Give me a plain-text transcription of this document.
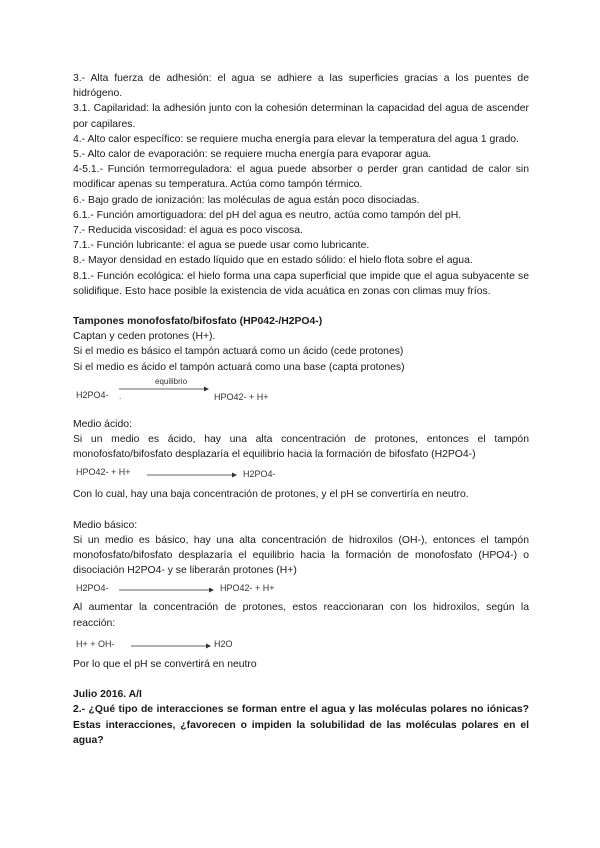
3.- Alta fuerza de adhesión: el agua se adhiere a las superficies gracias a los puentes de hidrógeno.

3.1. Capilaridad: la adhesión junto con la cohesión determinan la capacidad del agua de ascender por capilares.

4.- Alto calor específico: se requiere mucha energía para elevar la temperatura del agua 1 grado.

5.- Alto calor de evaporación: se requiere mucha energía para evaporar agua.

4-5.1.- Función termorreguladora: el agua puede absorber o perder gran cantidad de calor sin modificar apenas su temperatura. Actúa como tampón térmico.

6.- Bajo grado de ionización: las moléculas de agua están poco disociadas.

6.1.- Función amortiguadora: del pH del agua es neutro, actúa como tampón del pH.

7.- Reducida viscosidad: el agua es poco viscosa.

7.1.- Función lubricante: el agua se puede usar como lubricante.

8.- Mayor densidad en estado líquido que en estado sólido: el hielo flota sobre el agua.

8.1.- Función ecológica: el hielo forma una capa superficial que impide que el agua subyacente se solidifique. Esto hace posible la existencia de vida acuática en zonas con climas muy fríos.

Tampones monofosfato/bifosfato (HP042-/H2PO4-)

Captan y ceden protones (H+).

Si el medio es básico el tampón actuará como un ácido (cede protones)

Si el medio es ácido el tampón actuará como una base (capta protones)

H2PO4-
equilibrio
.	HPO42- + H+

Medio ácido:

Si un medio es ácido, hay una alta concentración de protones, entonces el tampón monofosfato/bifosfato desplazaría el equilibrio hacia la formación de bifosfato (H2PO4-)

HPO42- + H+	H2PO4-

Con lo cual, hay una baja concentración de protones, y el pH se convertiría en neutro.

Medio básico:

Si un medio es básico, hay una alta concentración de hidroxilos (OH-), entonces el tampón monofosfato/bifosfato desplazaría el equilibrio hacia la formación de monofosfato (HPO4-) o disociación H2PO4- y se liberarán protones (H+)

H2PO4-	HPO42- + H+

Al aumentar la concentración de protones, estos reaccionaran con los hidroxilos, según la reacción:

H+ + OH-	H2O

Por lo que el pH se convertirá en neutro

Julio 2016. A/I

2.- ¿Qué tipo de interacciones se forman entre el agua y las moléculas polares no iónicas? Estas interacciones, ¿favorecen o impiden la solubilidad de las moléculas polares en el agua?
